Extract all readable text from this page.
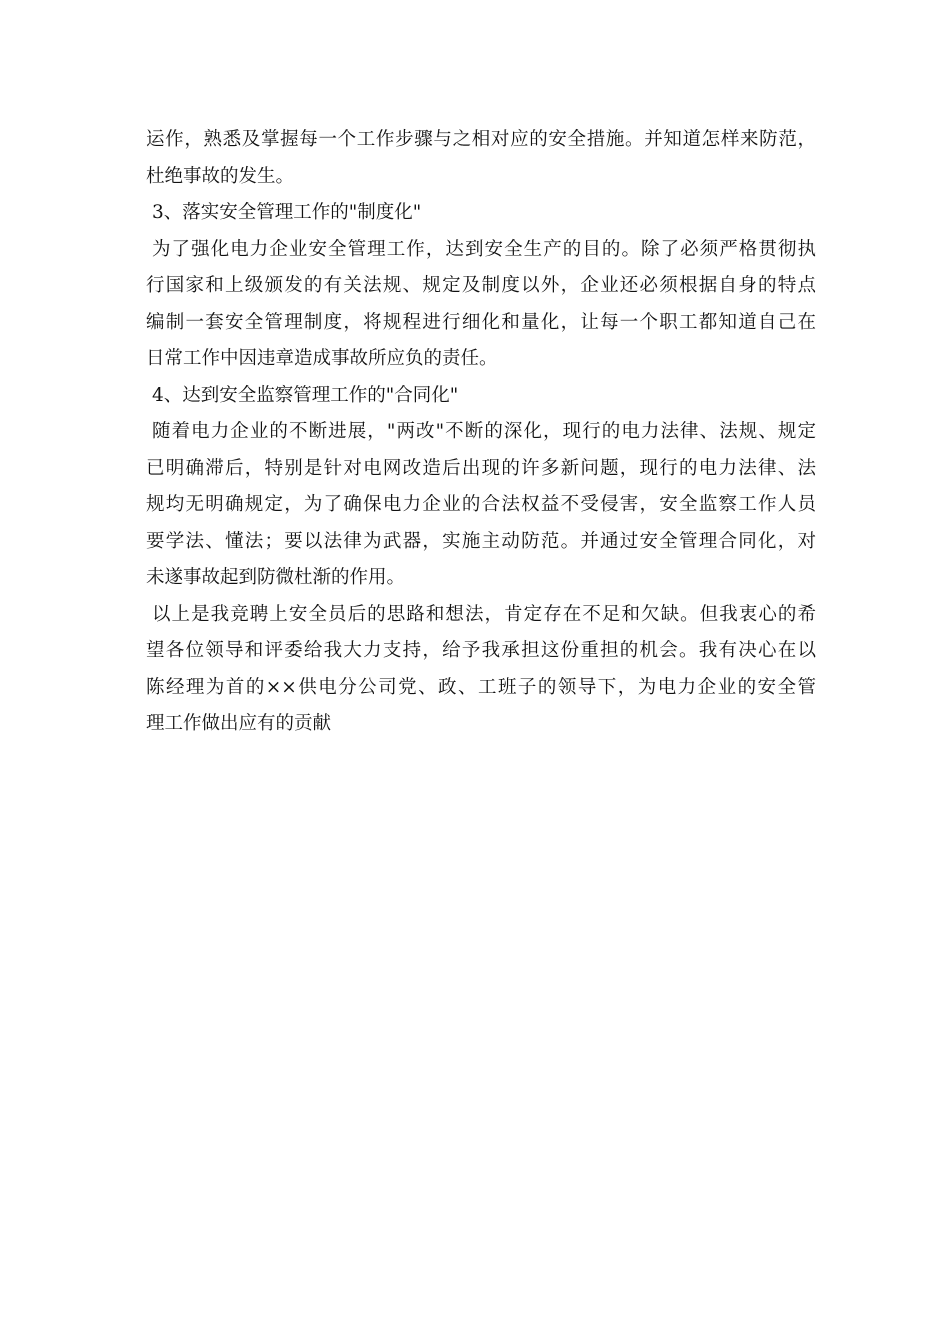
运作，熟悉及掌握每一个工作步骤与之相对应的安全措施。并知道怎样来防范，
杜绝事故的发生。
3、落实安全管理工作的"制度化"
为了强化电力企业安全管理工作，达到安全生产的目的。除了必须严格贯彻执
行国家和上级颁发的有关法规、规定及制度以外，企业还必须根据自身的特点
编制一套安全管理制度，将规程进行细化和量化，让每一个职工都知道自己在
日常工作中因违章造成事故所应负的责任。
4、达到安全监察管理工作的"合同化"
随着电力企业的不断进展，"两改"不断的深化，现行的电力法律、法规、规定
已明确滞后，特别是针对电网改造后出现的许多新问题，现行的电力法律、法
规均无明确规定，为了确保电力企业的合法权益不受侵害，安全监察工作人员
要学法、懂法；要以法律为武器，实施主动防范。并通过安全管理合同化，对
未遂事故起到防微杜渐的作用。
以上是我竞聘上安全员后的思路和想法，肯定存在不足和欠缺。但我衷心的希
望各位领导和评委给我大力支持，给予我承担这份重担的机会。我有决心在以
陈经理为首的××供电分公司党、政、工班子的领导下，为电力企业的安全管
理工作做出应有的贡献
